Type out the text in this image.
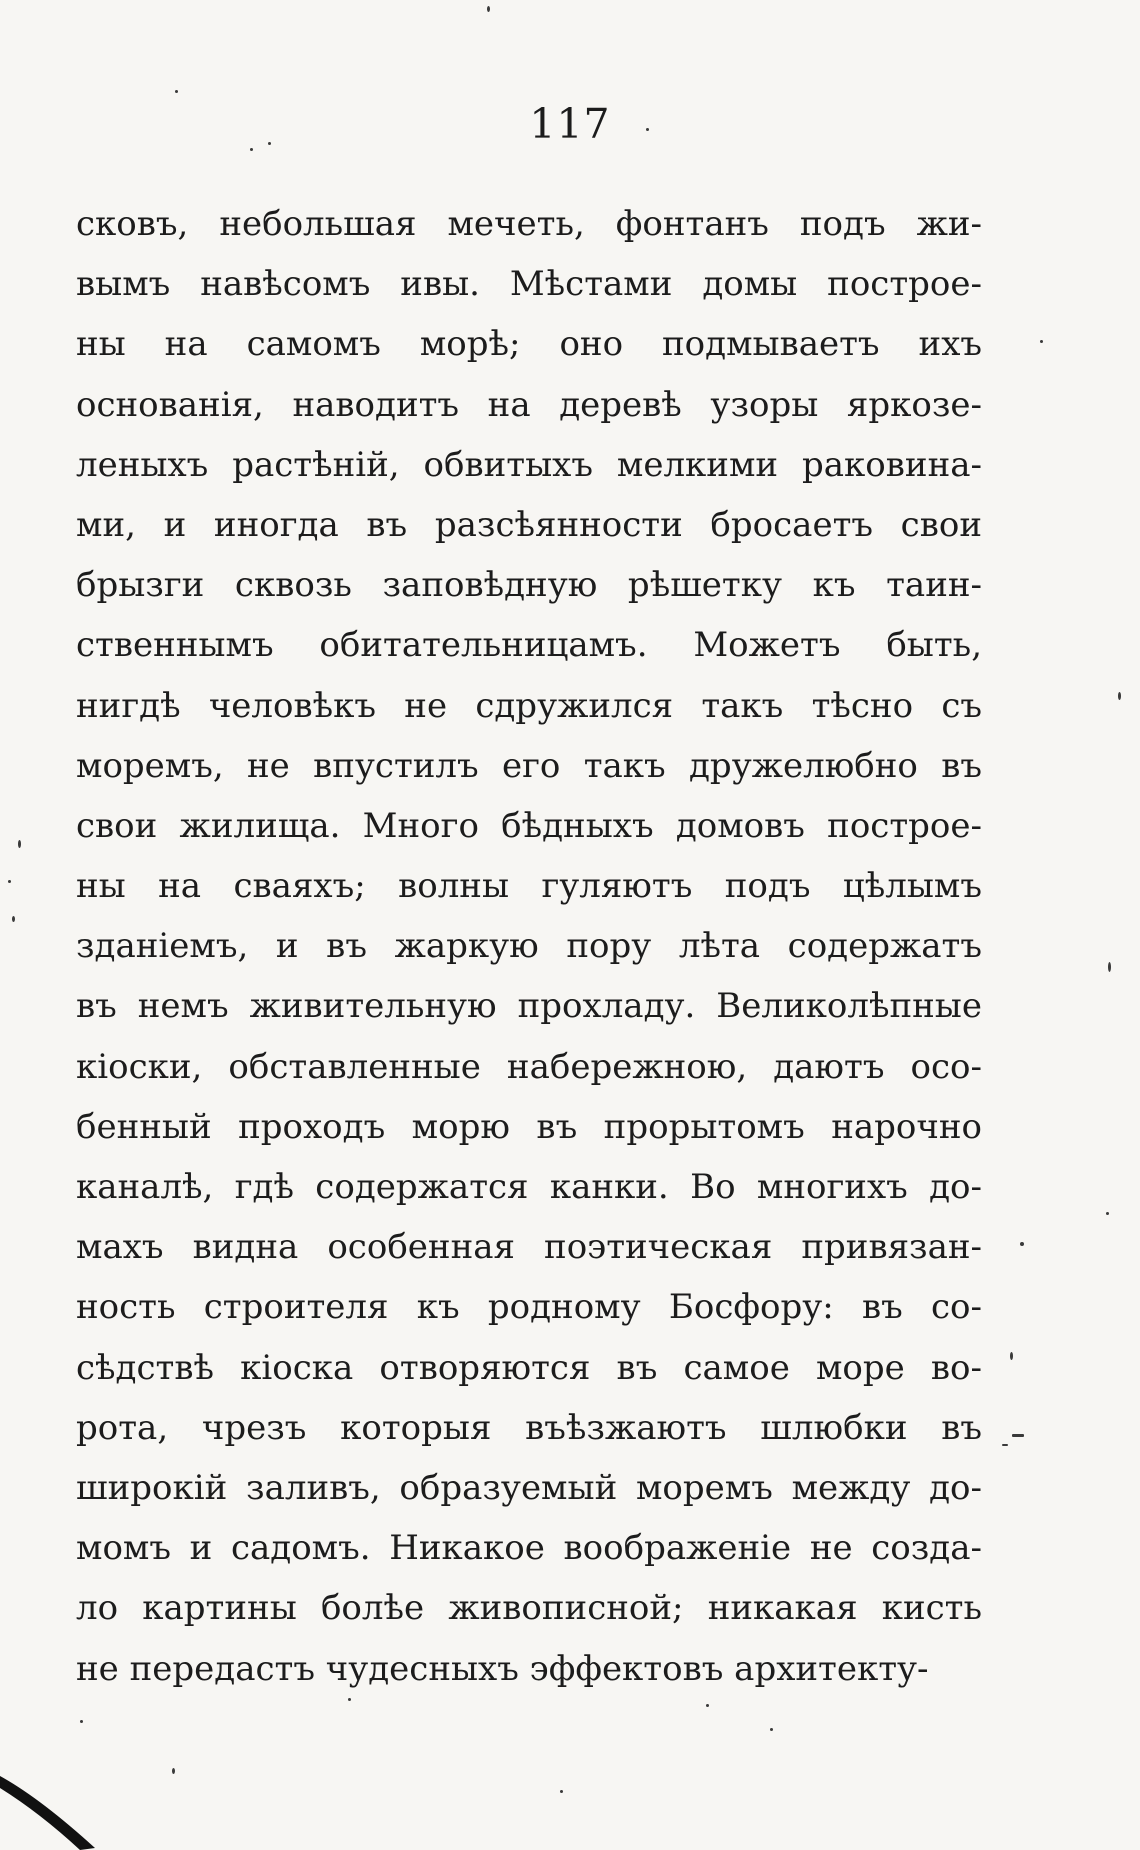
117
сковъ, небольшая мечеть, фонтанъ подъ жи-
вымъ навѣсомъ ивы. Мѣстами домы построе-
ны на самомъ морѣ; оно подмываетъ ихъ
основанія, наводитъ на деревѣ узоры яркозе-
леныхъ растѣній, обвитыхъ мелкими раковина-
ми, и иногда въ разсѣянности бросаетъ свои
брызги сквозь заповѣдную рѣшетку къ таин-
ственнымъ обитательницамъ. Можетъ быть,
нигдѣ человѣкъ не сдружился такъ тѣсно съ
моремъ, не впустилъ его такъ дружелюбно въ
свои жилища. Много бѣдныхъ домовъ построе-
ны на сваяхъ; волны гуляютъ подъ цѣлымъ
зданіемъ, и въ жаркую пору лѣта содержатъ
въ немъ живительную прохладу. Великолѣпные
кіоски, обставленные набережною, даютъ осо-
бенный проходъ морю въ прорытомъ нарочно
каналѣ, гдѣ содержатся канки. Во многихъ до-
махъ видна особенная поэтическая привязан-
ность строителя къ родному Босфору: въ со-
сѣдствѣ кіоска отворяются въ самое море во-
рота, чрезъ которыя въѣзжаютъ шлюбки въ
широкій заливъ, образуемый моремъ между до-
момъ и садомъ. Никакое воображеніе не созда-
ло картины болѣе живописной; никакая кисть
не передастъ чудесныхъ эффектовъ архитекту-
